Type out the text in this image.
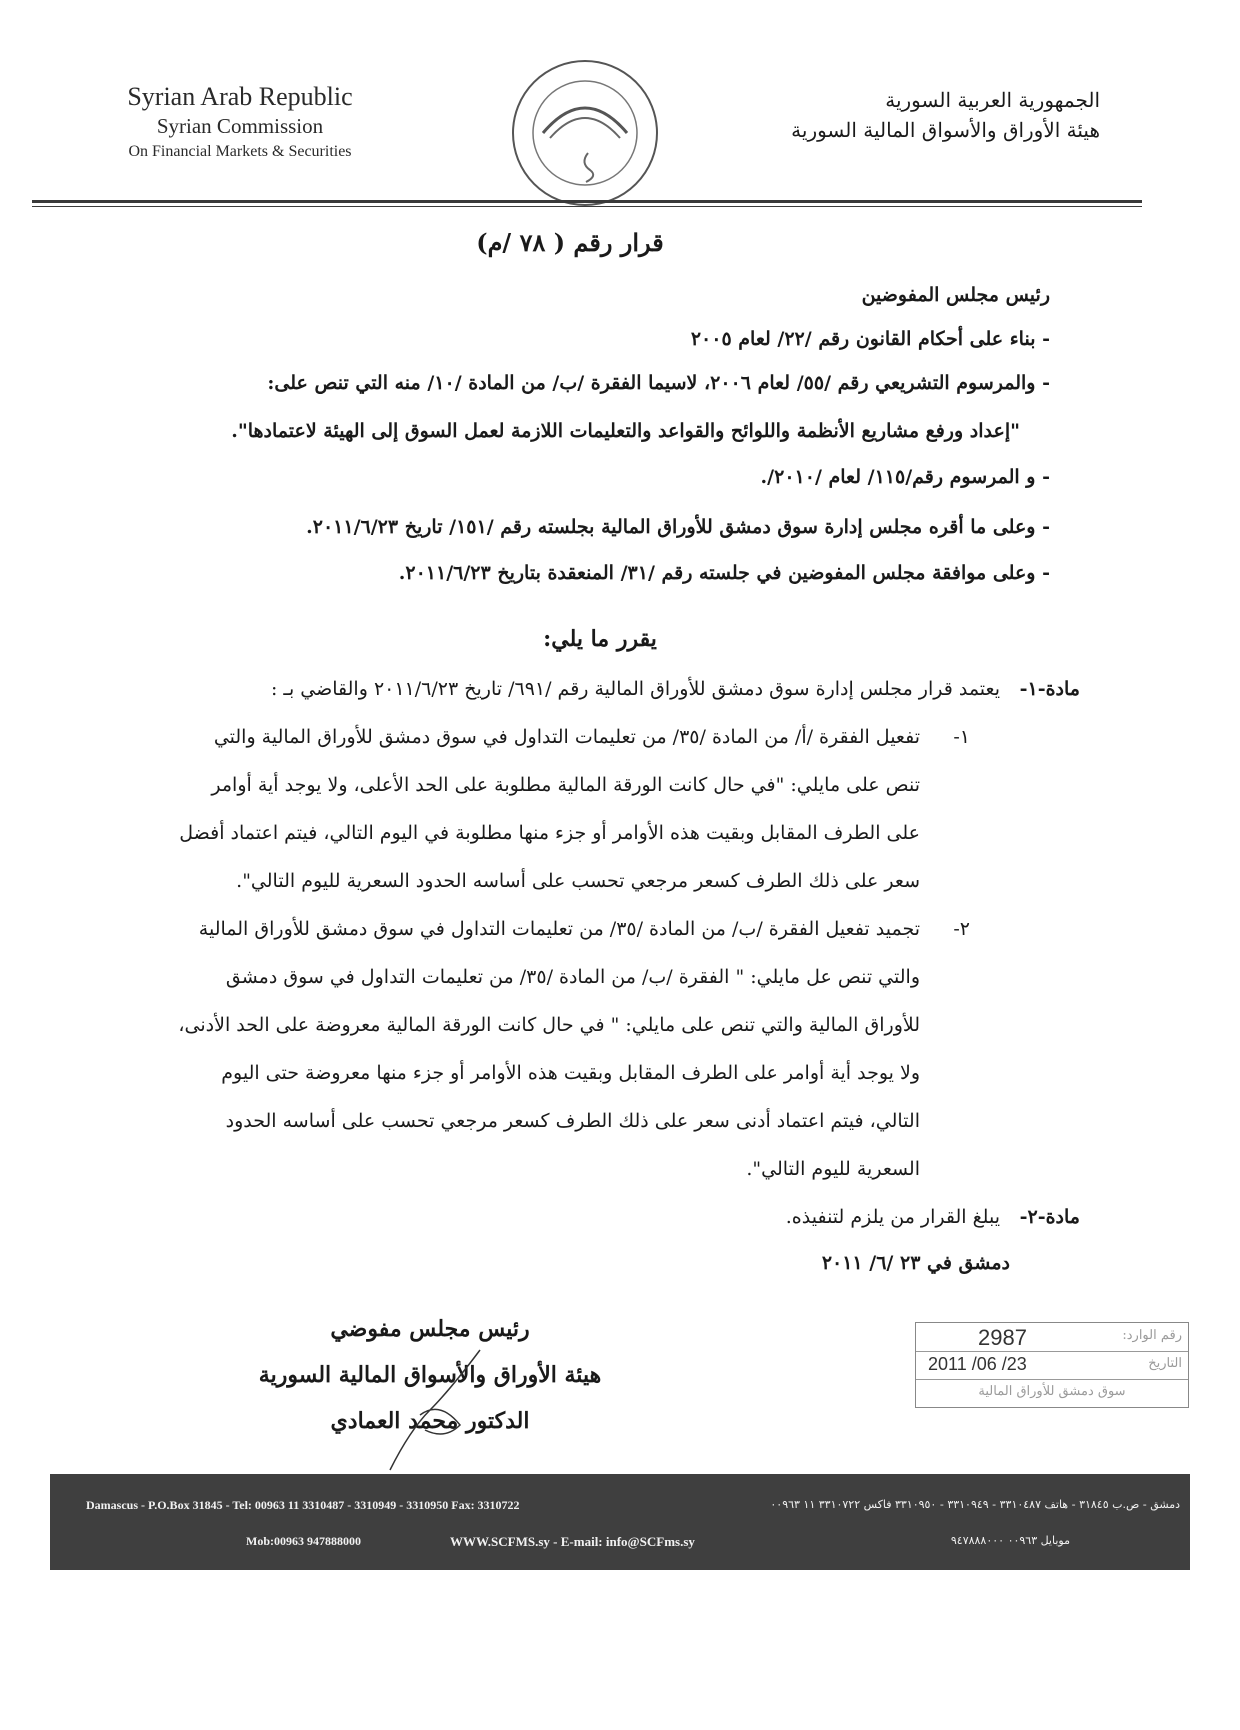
Syrian Arab Republic
Syrian Commission
On Financial Markets & Securities
الجمهورية العربية السورية
هيئة الأوراق والأسواق المالية السورية
قرار رقم ( ٧٨ /م)
رئيس مجلس المفوضين
- بناء على أحكام القانون رقم /٢٢/ لعام ٢٠٠٥
- والمرسوم التشريعي رقم /٥٥/ لعام ٢٠٠٦، لاسيما الفقرة /ب/ من المادة /١٠/ منه التي تنص على:
"إعداد ورفع مشاريع الأنظمة واللوائح والقواعد والتعليمات اللازمة لعمل السوق إلى الهيئة لاعتمادها".
- و المرسوم رقم/١١٥/ لعام /٢٠١٠/.
- وعلى ما أقره مجلس إدارة سوق دمشق للأوراق المالية بجلسته رقم /١٥١/ تاريخ ٢٠١١/٦/٢٣.
- وعلى موافقة مجلس المفوضين في جلسته رقم /٣١/ المنعقدة بتاريخ ٢٠١١/٦/٢٣.
يقرر ما يلي:
مادة-١-
يعتمد قرار مجلس إدارة سوق دمشق للأوراق المالية رقم /٦٩١/ تاريخ ٢٠١١/٦/٢٣ والقاضي بـ :
١-
تفعيل الفقرة /أ/ من المادة /٣٥/ من تعليمات التداول في سوق دمشق للأوراق المالية والتي
تنص على مايلي: "في حال كانت الورقة المالية مطلوبة على الحد الأعلى، ولا يوجد أية أوامر
على الطرف المقابل وبقيت هذه الأوامر أو جزء منها مطلوبة في اليوم التالي، فيتم اعتماد أفضل
سعر على ذلك الطرف كسعر مرجعي تحسب على أساسه الحدود السعرية لليوم التالي".
٢-
تجميد تفعيل الفقرة /ب/ من المادة /٣٥/ من تعليمات التداول في سوق دمشق للأوراق المالية
والتي تنص عل مايلي: " الفقرة /ب/ من المادة /٣٥/ من تعليمات التداول في سوق دمشق
للأوراق المالية والتي تنص على مايلي: " في حال كانت الورقة المالية معروضة على الحد الأدنى،
ولا يوجد أية أوامر على الطرف المقابل وبقيت هذه الأوامر أو جزء منها معروضة حتى اليوم
التالي، فيتم اعتماد أدنى سعر على ذلك الطرف كسعر مرجعي تحسب على أساسه الحدود
السعرية لليوم التالي".
مادة-٢-
يبلغ القرار من يلزم لتنفيذه.
دمشق في ٢٣ /٦/ ٢٠١١
رئيس مجلس مفوضي
هيئة الأوراق والأسواق المالية السورية
الدكتور محمد العمادي
رقم الوارد:
2987
التاريخ
2011 /06 /23
سوق دمشق للأوراق المالية
Damascus - P.O.Box 31845 - Tel: 00963 11 3310487 - 3310949 - 3310950 Fax: 3310722	دمشق - ص.ب ٣١٨٤٥ - هاتف ٣٣١٠٤٨٧ - ٣٣١٠٩٤٩ - ٣٣١٠٩٥٠ فاكس ٣٣١٠٧٢٢ ١١ ٠٠٩٦٣
Mob:00963 947888000	WWW.SCFMS.sy - E-mail: info@SCFms.sy	موبايل ٠٠٩٦٣ ٩٤٧٨٨٨٠٠٠
